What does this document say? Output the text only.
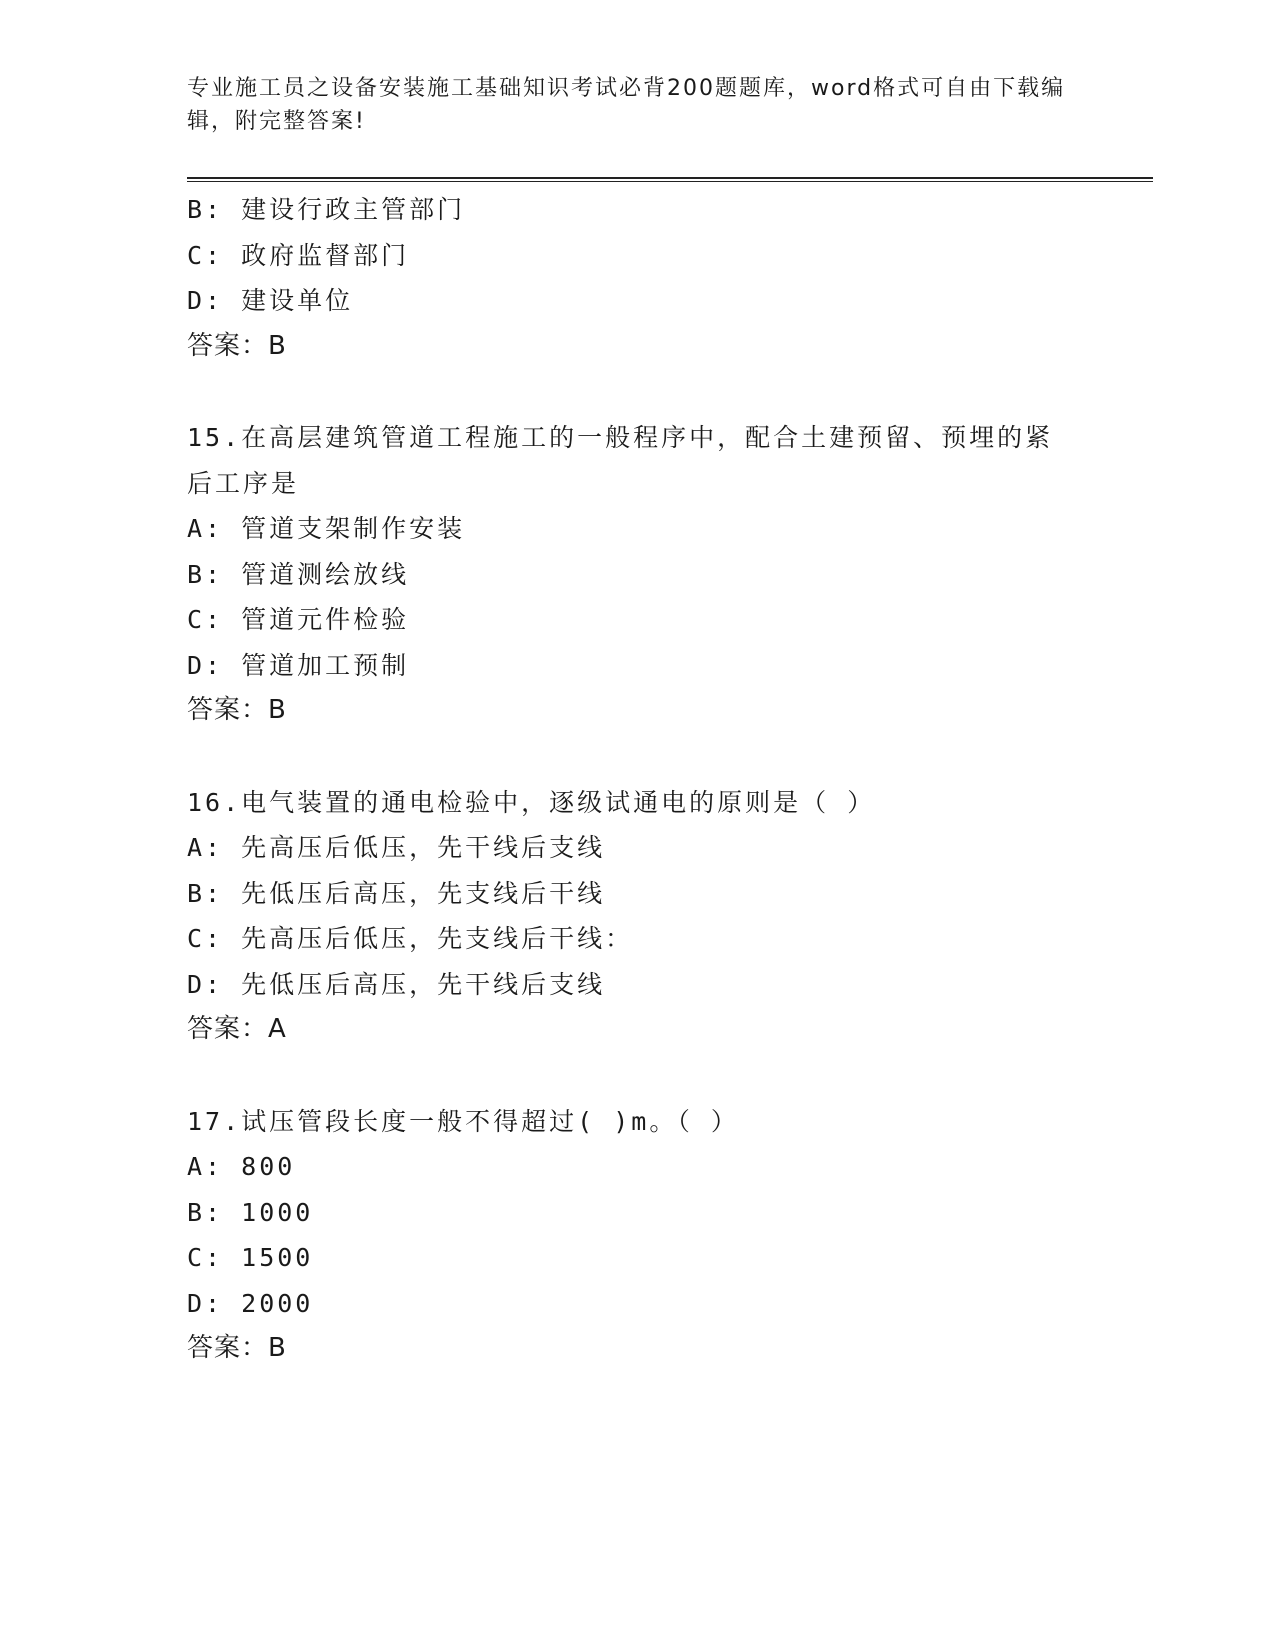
专业施工员之设备安装施工基础知识考试必背200题题库，word格式可自由下载编辑，附完整答案!
B: 建设行政主管部门
C: 政府监督部门
D: 建设单位
答案：B
15.在高层建筑管道工程施工的一般程序中，配合土建预留、预埋的紧后工序是
A: 管道支架制作安装
B: 管道测绘放线
C: 管道元件检验
D: 管道加工预制
答案：B
16.电气装置的通电检验中，逐级试通电的原则是（ ）
A: 先高压后低压，先干线后支线
B: 先低压后高压，先支线后干线
C: 先高压后低压，先支线后干线：
D: 先低压后高压，先干线后支线
答案：A
17.试压管段长度一般不得超过( )m。（ ）
A: 800
B: 1000
C: 1500
D: 2000
答案：B
